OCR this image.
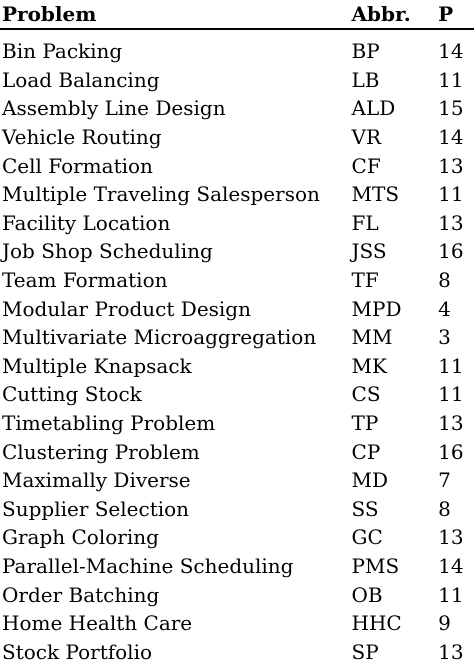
Problem	Abbr.	P
Bin Packing	BP	14
Load Balancing	LB	11
Assembly Line Design	ALD	15
Vehicle Routing	VR	14
Cell Formation	CF	13
Multiple Traveling Salesperson	MTS	11
Facility Location	FL	13
Job Shop Scheduling	JSS	16
Team Formation	TF	8
Modular Product Design	MPD	4
Multivariate Microaggregation	MM	3
Multiple Knapsack	MK	11
Cutting Stock	CS	11
Timetabling Problem	TP	13
Clustering Problem	CP	16
Maximally Diverse	MD	7
Supplier Selection	SS	8
Graph Coloring	GC	13
Parallel-Machine Scheduling	PMS	14
Order Batching	OB	11
Home Health Care	HHC	9
Stock Portfolio	SP	13
